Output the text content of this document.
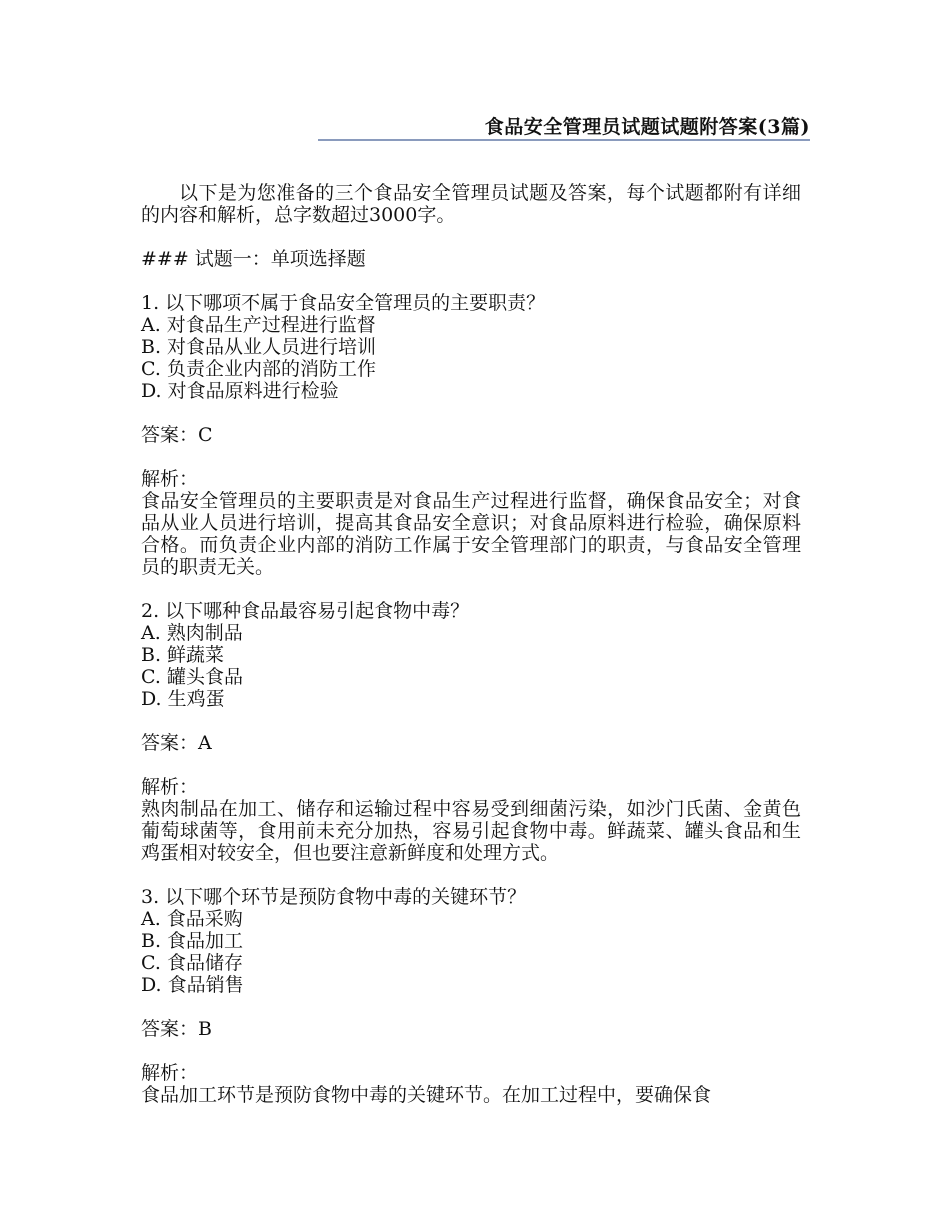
食品安全管理员试题试题附答案(3篇)

以下是为您准备的三个食品安全管理员试题及答案，每个试题都附有详细的内容和解析，总字数超过3000字。

### 试题一：单项选择题
1. 以下哪项不属于食品安全管理员的主要职责？
A. 对食品生产过程进行监督
B. 对食品从业人员进行培训
C. 负责企业内部的消防工作
D. 对食品原料进行检验
答案：C
解析：

食品安全管理员的主要职责是对食品生产过程进行监督，确保食品安全；对食品从业人员进行培训，提高其食品安全意识；对食品原料进行检验，确保原料合格。而负责企业内部的消防工作属于安全管理部门的职责，与食品安全管理员的职责无关。

2. 以下哪种食品最容易引起食物中毒？
A. 熟肉制品
B. 鲜蔬菜
C. 罐头食品
D. 生鸡蛋
答案：A
解析：

熟肉制品在加工、储存和运输过程中容易受到细菌污染，如沙门氏菌、金黄色葡萄球菌等，食用前未充分加热，容易引起食物中毒。鲜蔬菜、罐头食品和生鸡蛋相对较安全，但也要注意新鲜度和处理方式。

3. 以下哪个环节是预防食物中毒的关键环节？
A. 食品采购
B. 食品加工
C. 食品储存
D. 食品销售
答案：B
解析：

食品加工环节是预防食物中毒的关键环节。在加工过程中，要确保食
